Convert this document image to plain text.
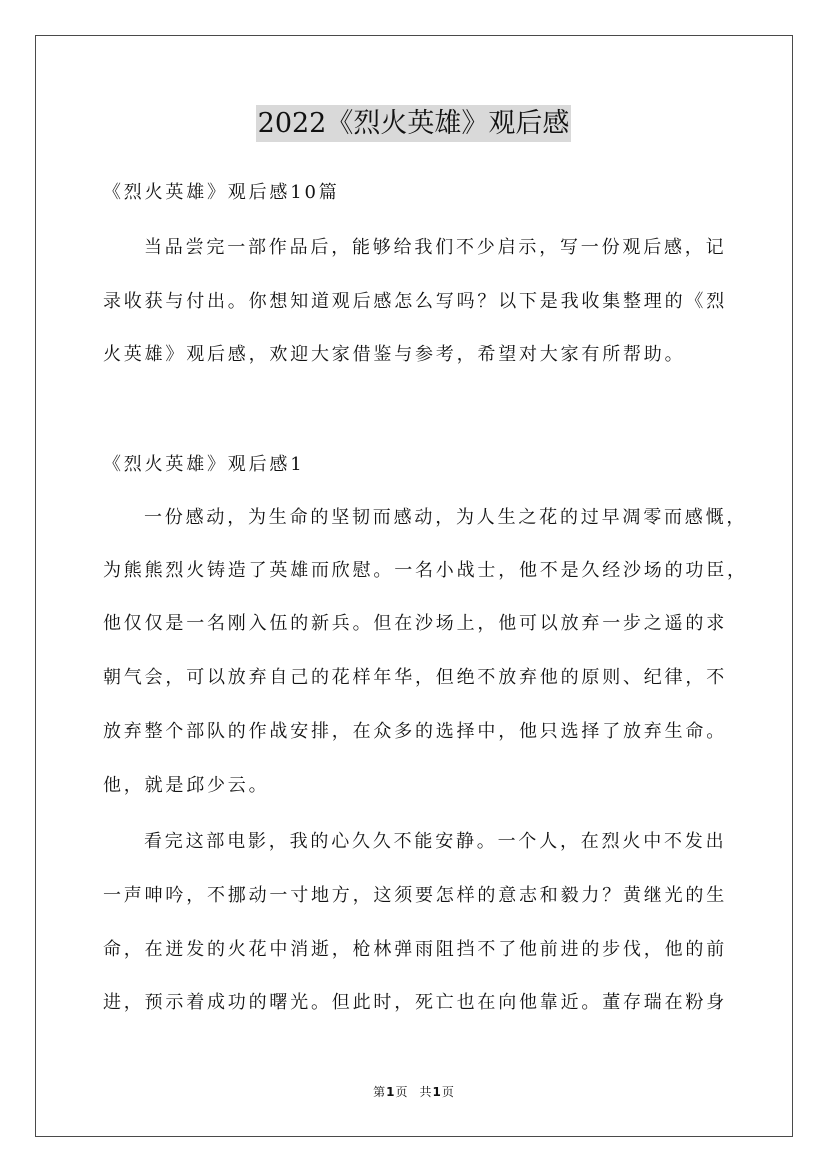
2022《烈火英雄》观后感
《烈火英雄》观后感10篇
当品尝完一部作品后，能够给我们不少启示，写一份观后感，记
录收获与付出。你想知道观后感怎么写吗？以下是我收集整理的《烈
火英雄》观后感，欢迎大家借鉴与参考，希望对大家有所帮助。
《烈火英雄》观后感1
一份感动，为生命的坚韧而感动，为人生之花的过早凋零而感慨，
为熊熊烈火铸造了英雄而欣慰。一名小战士，他不是久经沙场的功臣，
他仅仅是一名刚入伍的新兵。但在沙场上，他可以放弃一步之遥的求
朝气会，可以放弃自己的花样年华，但绝不放弃他的原则、纪律，不
放弃整个部队的作战安排，在众多的选择中，他只选择了放弃生命。
他，就是邱少云。
看完这部电影，我的心久久不能安静。一个人，在烈火中不发出
一声呻吟，不挪动一寸地方，这须要怎样的意志和毅力？黄继光的生
命，在迸发的火花中消逝，枪林弹雨阻挡不了他前进的步伐，他的前
进，预示着成功的曙光。但此时，死亡也在向他靠近。董存瑞在粉身
第1页 共1页
